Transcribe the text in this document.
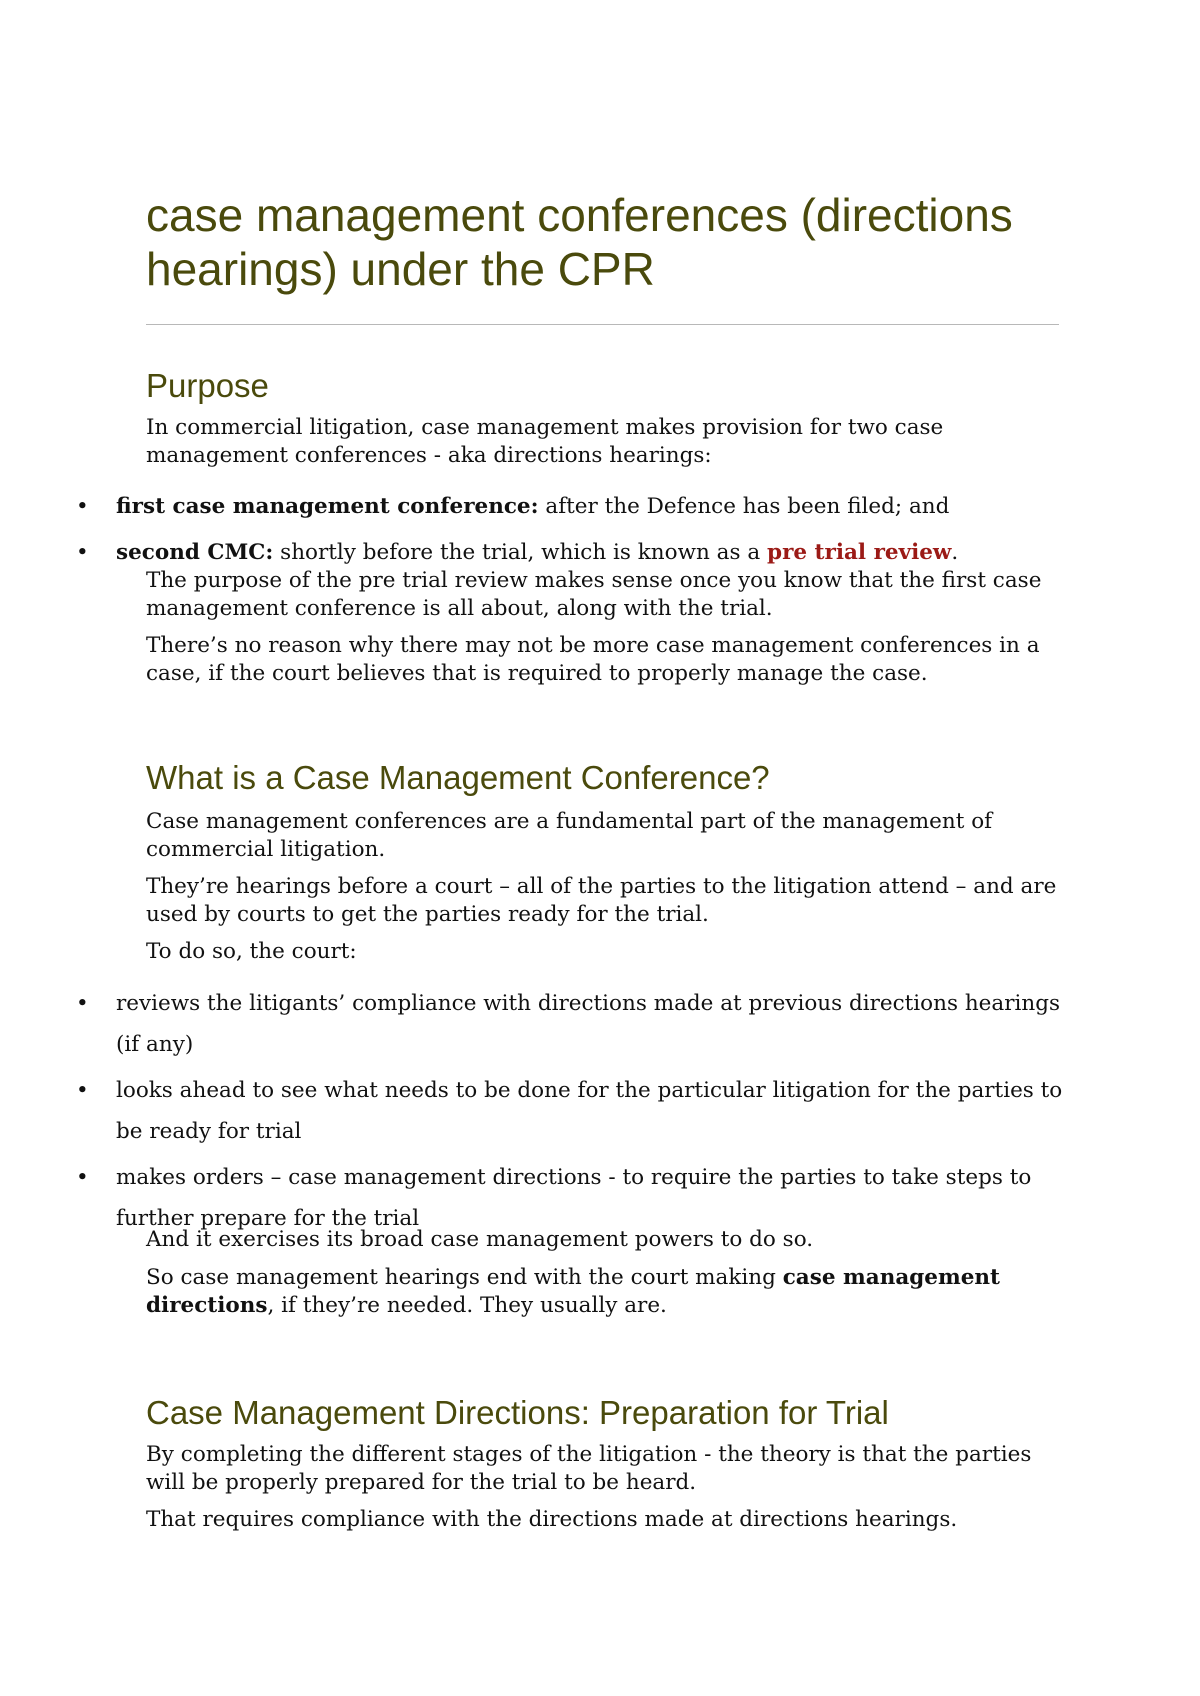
case management conferences (directions hearings) under the CPR
Purpose

In commercial litigation, case management makes provision for two case management conferences - aka directions hearings:

• first case management conference: after the Defence has been filed; and

• second CMC: shortly before the trial, which is known as a pre trial review.

The purpose of the pre trial review makes sense once you know that the first case management conference is all about, along with the trial.

There’s no reason why there may not be more case management conferences in a case, if the court believes that is required to properly manage the case.

What is a Case Management Conference?

Case management conferences are a fundamental part of the management of commercial litigation.

They’re hearings before a court – all of the parties to the litigation attend – and are used by courts to get the parties ready for the trial.

To do so, the court:

• reviews the litigants’ compliance with directions made at previous directions hearings (if any)

• looks ahead to see what needs to be done for the particular litigation for the parties to be ready for trial

• makes orders – case management directions - to require the parties to take steps to further prepare for the trial

And it exercises its broad case management powers to do so.

So case management hearings end with the court making case management directions, if they’re needed. They usually are.

Case Management Directions: Preparation for Trial

By completing the different stages of the litigation - the theory is that the parties will be properly prepared for the trial to be heard.

That requires compliance with the directions made at directions hearings.
